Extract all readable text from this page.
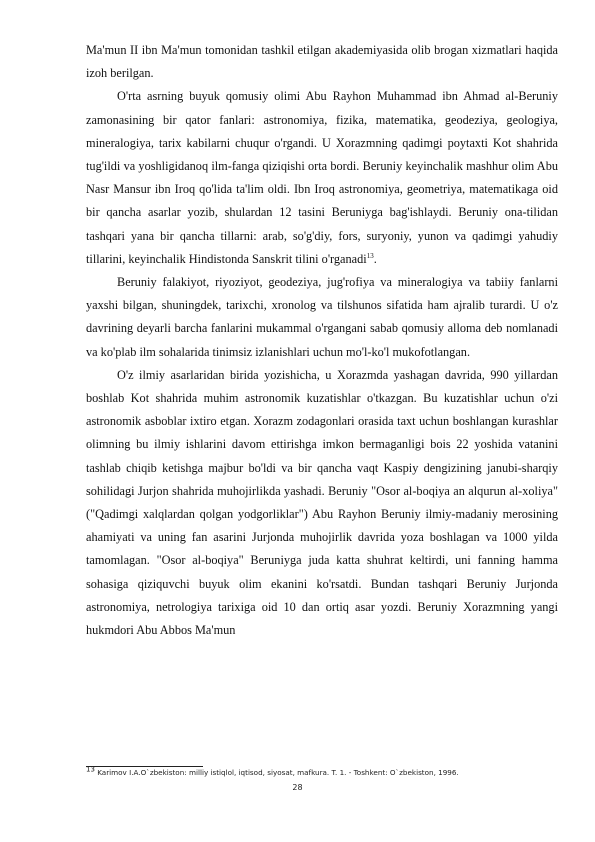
Ma'mun II ibn Ma'mun tomonidan tashkil etilgan akademiyasida olib brogan xizmatlari haqida izoh berilgan.

O'rta asrning buyuk qomusiy olimi Abu Rayhon Muhammad ibn Ahmad al-Beruniy zamonasining bir qator fanlari: astronomiya, fizika, matematika, geodeziya, geologiya, mineralogiya, tarix kabilarni chuqur o'rgandi. U Xorazmning qadimgi poytaxti Kot shahrida tug'ildi va yoshligidanoq ilm-fanga qiziqishi orta bordi. Beruniy keyinchalik mashhur olim Abu Nasr Mansur ibn Iroq qo'lida ta'lim oldi. Ibn Iroq astronomiya, geometriya, matematikaga oid bir qancha asarlar yozib, shulardan 12 tasini Beruniyga bag'ishlaydi. Beruniy ona-tilidan tashqari yana bir qancha tillarni: arab, so'g'diy, fors, suryoniy, yunon va qadimgi yahudiy tillarini, keyinchalik Hindistonda Sanskrit tilini o'rganadi$^{13}$.

Beruniy falakiyot, riyoziyot, geodeziya, jug'rofiya va mineralogiya va tabiiy fanlarni yaxshi bilgan, shuningdek, tarixchi, xronolog va tilshunos sifatida ham ajralib turardi. U o'z davrining deyarli barcha fanlarini mukammal o'rgangani sabab qomusiy alloma deb nomlanadi va ko'plab ilm sohalarida tinimsiz izlanishlari uchun mo'l-ko'l mukofotlangan.

O'z ilmiy asarlaridan birida yozishicha, u Xorazmda yashagan davrida, 990 yillardan boshlab Kot shahrida muhim astronomik kuzatishlar o'tkazgan. Bu kuzatishlar uchun o'zi astronomik asboblar ixtiro etgan. Xorazm zodagonlari orasida taxt uchun boshlangan kurashlar olimning bu ilmiy ishlarini davom ettirishga imkon bermaganligi bois 22 yoshida vatanini tashlab chiqib ketishga majbur bo'ldi va bir qancha vaqt Kaspiy dengizining janubi-sharqiy sohilidagi Jurjon shahrida muhojirlikda yashadi. Beruniy "Osor al-boqiya an alqurun al-xoliya" ("Qadimgi xalqlardan qolgan yodgorliklar") Abu Rayhon Beruniy ilmiy-madaniy merosining ahamiyati va uning fan asarini Jurjonda muhojirlik davrida yoza boshlagan va 1000 yilda tamomlagan. "Osor al-boqiya" Beruniyga juda katta shuhrat keltirdi, uni fanning hamma sohasiga qiziquvchi buyuk olim ekanini ko'rsatdi. Bundan tashqari Beruniy Jurjonda astronomiya, netrologiya tarixiga oid 10 dan ortiq asar yozdi. Beruniy Xorazmning yangi hukmdori Abu Abbos Ma'mun

$^{13}$ Karimov I.A.O`zbekiston: milliy istiqlol, iqtisod, siyosat, mafkura. T. 1. - Toshkent: O`zbekiston, 1996.
28
